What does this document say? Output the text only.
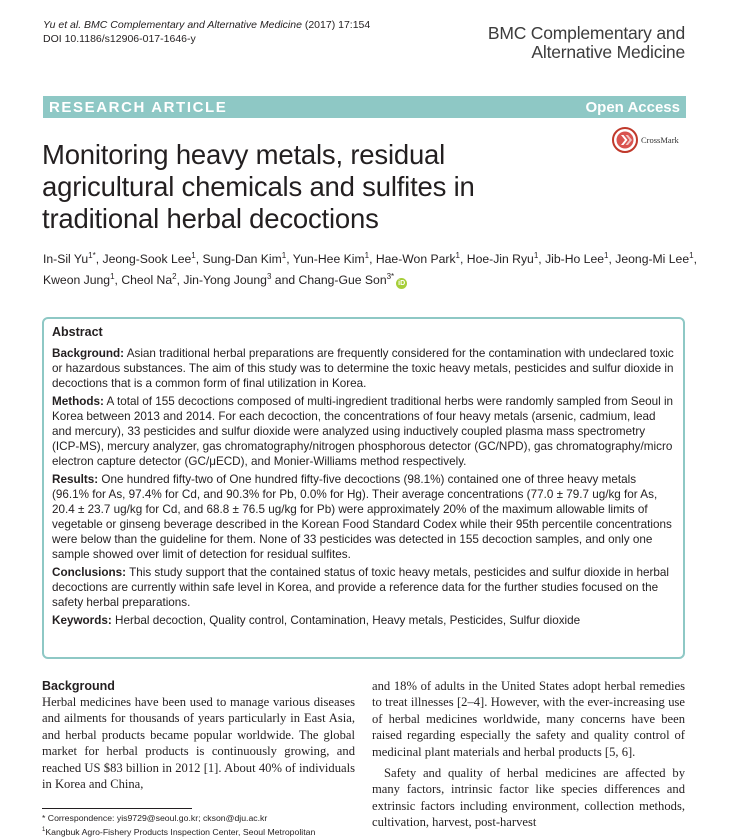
Yu et al. BMC Complementary and Alternative Medicine (2017) 17:154
DOI 10.1186/s12906-017-1646-y	BMC Complementary and
Alternative Medicine
RESEARCH ARTICLE	Open Access
CrossMark
Monitoring heavy metals, residual agricultural chemicals and sulfites in traditional herbal decoctions
In-Sil $Yu^{1*}$, Jeong-Sook Lee$^1$, Sung-Dan Kim$^1$, Yun-Hee Kim$^1$, Hae-Won Park$^1$, Hoe-Jin Ryu$^1$, Jib-Ho Lee$^1$, Jeong-Mi Lee$^1$, Kweon Jung$^1$, Cheol Na$^2$, Jin-Yong Joung$^3$ and Chang-Gue Son$^{3*}$iD
Abstract
Background: Asian traditional herbal preparations are frequently considered for the contamination with undeclared toxic or hazardous substances. The aim of this study was to determine the toxic heavy metals, pesticides and sulfur dioxide in decoctions that is a common form of final utilization in Korea.
Methods: A total of 155 decoctions composed of multi-ingredient traditional herbs were randomly sampled from Seoul in Korea between 2013 and 2014. For each decoction, the concentrations of four heavy metals (arsenic, cadmium, lead and mercury), 33 pesticides and sulfur dioxide were analyzed using inductively coupled plasma mass spectrometry (ICP-MS), mercury analyzer, gas chromatography/nitrogen phosphorous detector (GC/NPD), gas chromatography/micro electron capture detector (GC/μECD), and Monier-Williams method respectively.
Results: One hundred fifty-two of One hundred fifty-five decoctions (98.1%) contained one of three heavy metals (96.1% for As, 97.4% for Cd, and 90.3% for Pb, 0.0% for Hg). Their average concentrations (77.0 ± 79.7 ug/kg for As, 20.4 ± 23.7 ug/kg for Cd, and 68.8 ± 76.5 ug/kg for Pb) were approximately 20% of the maximum allowable limits of vegetable or ginseng beverage described in the Korean Food Standard Codex while their 95th percentile concentrations were below than the guideline for them. None of 33 pesticides was detected in 155 decoction samples, and only one sample showed over limit of detection for residual sulfites.
Conclusions: This study support that the contained status of toxic heavy metals, pesticides and sulfur dioxide in herbal decoctions are currently within safe level in Korea, and provide a reference data for the further studies focused on the safety herbal preparations.
Keywords: Herbal decoction, Quality control, Contamination, Heavy metals, Pesticides, Sulfur dioxide
Background

Herbal medicines have been used to manage various diseases and ailments for thousands of years particularly in East Asia, and herbal products became popular worldwide. The global market for herbal products is continuously growing, and reached US $83 billion in 2012 [1]. About 40% of individuals in Korea and China,

and 18% of adults in the United States adopt herbal remedies to treat illnesses [2–4]. However, with the ever-increasing use of herbal medicines worldwide, many concerns have been raised regarding especially the safety and quality control of medicinal plant materials and herbal products [5, 6].

Safety and quality of herbal medicines are affected by many factors, intrinsic factor like species differences and extrinsic factors including environment, collection methods, cultivation, harvest, post-harvest

* Correspondence: yis9729@seoul.go.kr; ckson@dju.ac.kr
$^1$Kangbuk Agro-Fishery Products Inspection Center, Seoul Metropolitan
